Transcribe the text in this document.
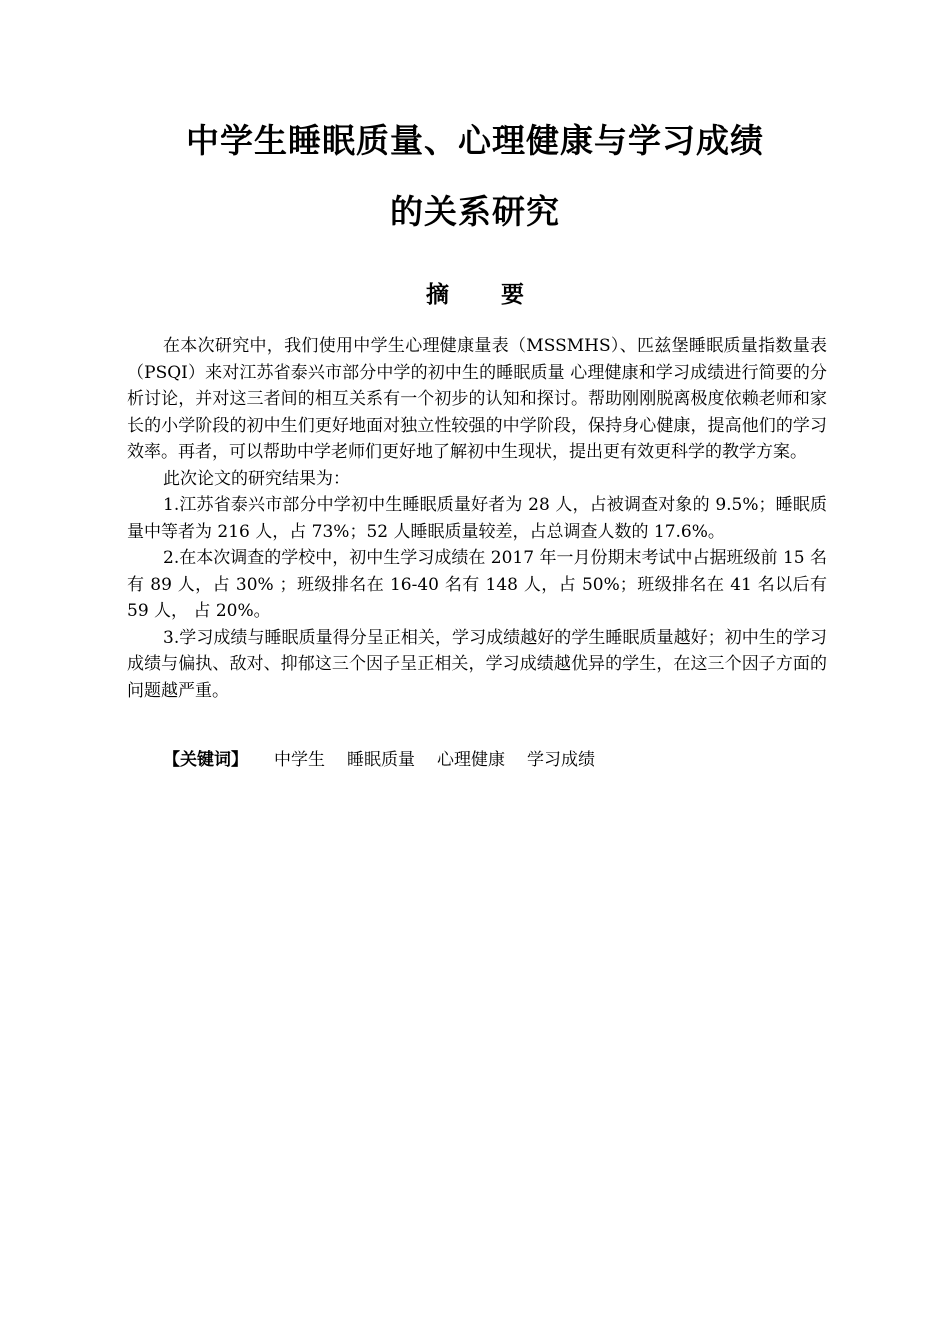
中学生睡眠质量、心理健康与学习成绩
的关系研究
摘 要

在本次研究中，我们使用中学生心理健康量表（MSSMHS）、匹兹堡睡眠质量指数量表（PSQI）来对江苏省泰兴市部分中学的初中生的睡眠质量 心理健康和学习成绩进行简要的分析讨论，并对这三者间的相互关系有一个初步的认知和探讨。帮助刚刚脱离极度依赖老师和家长的小学阶段的初中生们更好地面对独立性较强的中学阶段，保持身心健康，提高他们的学习效率。再者，可以帮助中学老师们更好地了解初中生现状，提出更有效更科学的教学方案。

此次论文的研究结果为：

1.江苏省泰兴市部分中学初中生睡眠质量好者为 28 人，占被调查对象的 9.5%；睡眠质量中等者为 216 人，占 73%；52 人睡眠质量较差，占总调查人数的 17.6%。

2.在本次调查的学校中，初中生学习成绩在 2017 年一月份期末考试中占据班级前 15 名有 89 人，占 30% ；班级排名在 16-40 名有 148 人，占 50%；班级排名在 41 名以后有 59 人， 占 20%。

3.学习成绩与睡眠质量得分呈正相关，学习成绩越好的学生睡眠质量越好；初中生的学习成绩与偏执、敌对、抑郁这三个因子呈正相关，学习成绩越优异的学生，在这三个因子方面的问题越严重。

【关键词】 中学生 睡眠质量 心理健康 学习成绩
